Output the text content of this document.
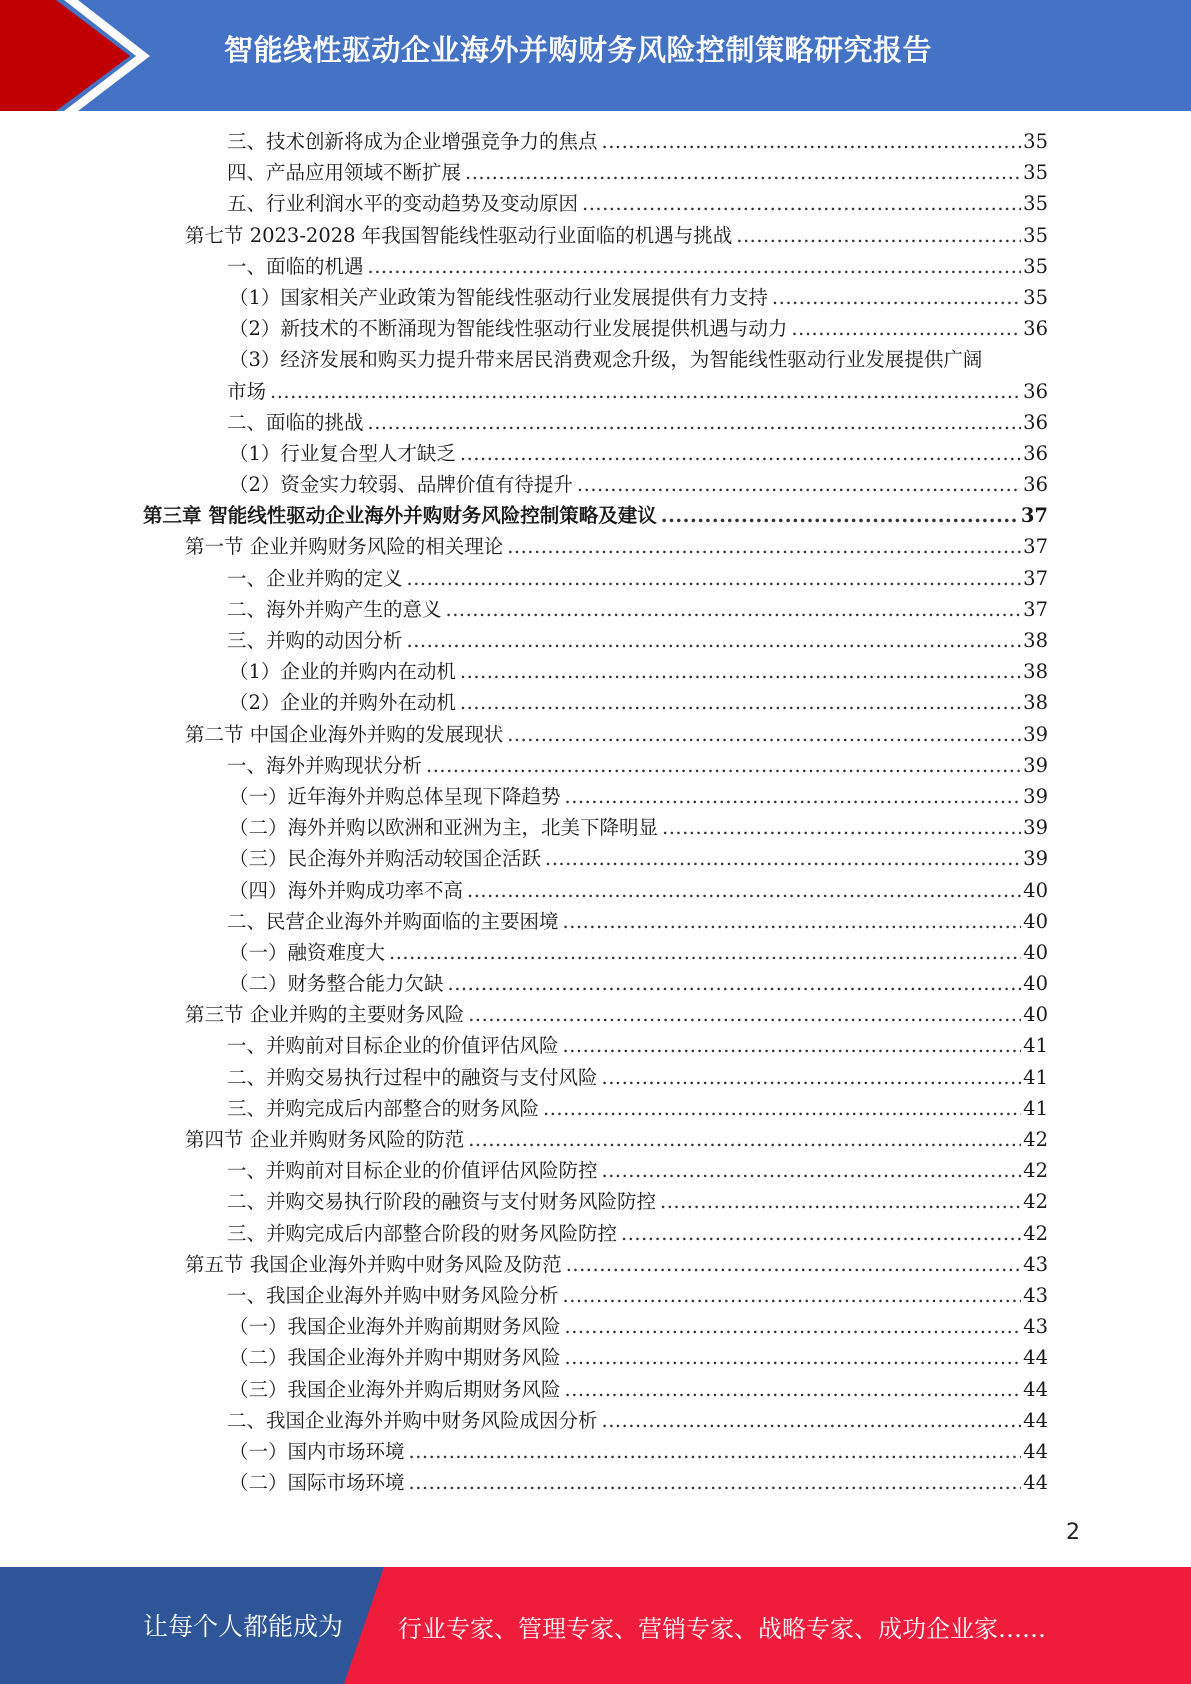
智能线性驱动企业海外并购财务风险控制策略研究报告
三、技术创新将成为企业增强竞争力的焦点 .....	35
四、产品应用领域不断扩展 .....	35
五、行业利润水平的变动趋势及变动原因 .....	35
第七节 2023-2028 年我国智能线性驱动行业面临的机遇与挑战 .....	35
一、面临的机遇 .....	35
（1）国家相关产业政策为智能线性驱动行业发展提供有力支持 .....	35
（2）新技术的不断涌现为智能线性驱动行业发展提供机遇与动力 .....	36
（3）经济发展和购买力提升带来居民消费观念升级，为智能线性驱动行业发展提供广阔
市场 .....	36
二、面临的挑战 .....	36
（1）行业复合型人才缺乏 .....	36
（2）资金实力较弱、品牌价值有待提升 .....	36
第三章 智能线性驱动企业海外并购财务风险控制策略及建议 .....	37
第一节 企业并购财务风险的相关理论 .....	37
一、企业并购的定义 .....	37
二、海外并购产生的意义 .....	37
三、并购的动因分析 .....	38
（1）企业的并购内在动机 .....	38
（2）企业的并购外在动机 .....	38
第二节 中国企业海外并购的发展现状 .....	39
一、海外并购现状分析 .....	39
（一）近年海外并购总体呈现下降趋势 .....	39
（二）海外并购以欧洲和亚洲为主，北美下降明显 .....	39
（三）民企海外并购活动较国企活跃 .....	39
（四）海外并购成功率不高 .....	40
二、民营企业海外并购面临的主要困境 .....	40
（一）融资难度大 .....	40
（二）财务整合能力欠缺 .....	40
第三节 企业并购的主要财务风险 .....	40
一、并购前对目标企业的价值评估风险 .....	41
二、并购交易执行过程中的融资与支付风险 .....	41
三、并购完成后内部整合的财务风险 .....	41
第四节 企业并购财务风险的防范 .....	42
一、并购前对目标企业的价值评估风险防控 .....	42
二、并购交易执行阶段的融资与支付财务风险防控 .....	42
三、并购完成后内部整合阶段的财务风险防控 .....	42
第五节 我国企业海外并购中财务风险及防范 .....	43
一、我国企业海外并购中财务风险分析 .....	43
（一）我国企业海外并购前期财务风险 .....	43
（二）我国企业海外并购中期财务风险 .....	44
（三）我国企业海外并购后期财务风险 .....	44
二、我国企业海外并购中财务风险成因分析 .....	44
（一）国内市场环境 .....	44
（二）国际市场环境 .....	44
2
让每个人都能成为 行业专家、管理专家、营销专家、战略专家、成功企业家……
